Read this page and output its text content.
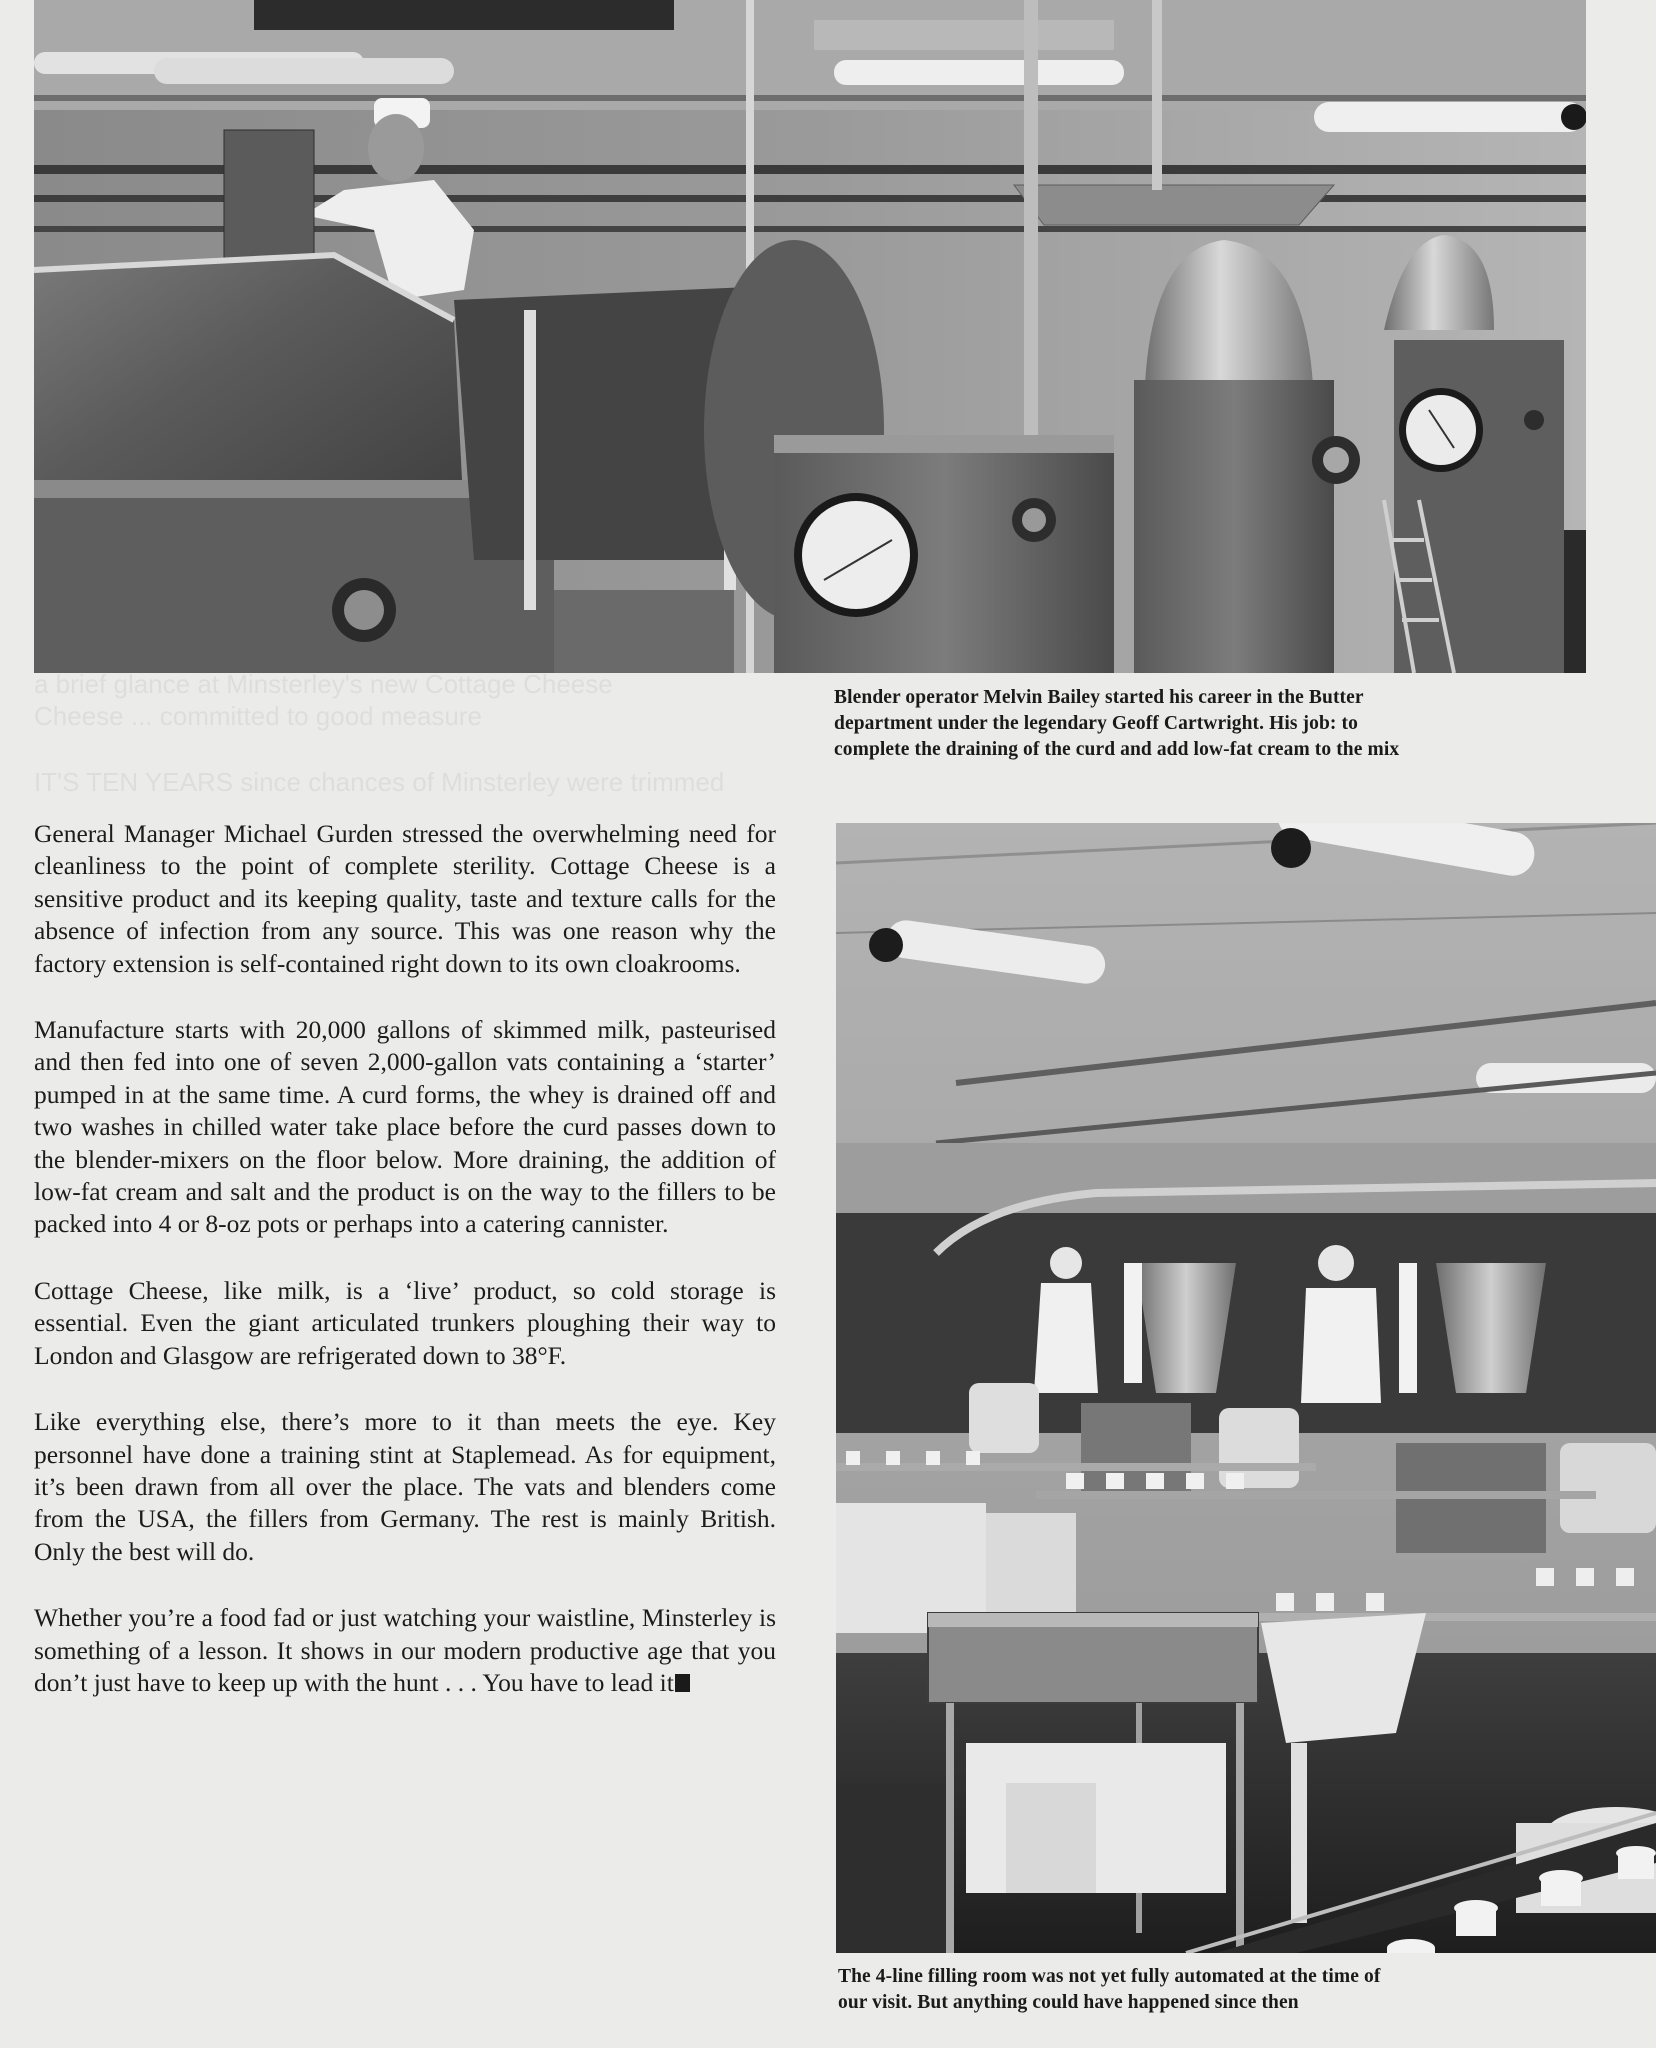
a brief glance at Minsterley's new Cottage Cheese
Cheese ... committed to good measure
IT'S TEN YEARS since chances of Minsterley were trimmed
Blender operator Melvin Bailey started his career in the Butter
department under the legendary Geoff Cartwright. His job: to
complete the draining of the curd and add low-fat cream to the mix

General Manager Michael Gurden stressed the overwhelming need for cleanliness to the point of complete sterility. Cottage Cheese is a sensitive product and its keeping quality, taste and texture calls for the absence of infection from any source. This was one reason why the factory extension is self-contained right down to its own cloakrooms.

Manufacture starts with 20,000 gallons of skimmed milk, pasteurised and then fed into one of seven 2,000-gallon vats containing a ‘starter’ pumped in at the same time. A curd forms, the whey is drained off and two washes in chilled water take place before the curd passes down to the blender-mixers on the floor below. More draining, the addition of low-fat cream and salt and the product is on the way to the fillers to be packed into 4 or 8-oz pots or perhaps into a catering cannister.

Cottage Cheese, like milk, is a ‘live’ product, so cold storage is essential. Even the giant articulated trunkers ploughing their way to London and Glasgow are refrigerated down to 38°F.

Like everything else, there’s more to it than meets the eye. Key personnel have done a training stint at Staplemead. As for equipment, it’s been drawn from all over the place. The vats and blenders come from the USA, the fillers from Germany. The rest is mainly British. Only the best will do.

Whether you’re a food fad or just watching your waistline, Minsterley is something of a lesson. It shows in our modern productive age that you don’t just have to keep up with the hunt . . . You have to lead it

The 4-line filling room was not yet fully automated at the time of
our visit. But anything could have happened since then
